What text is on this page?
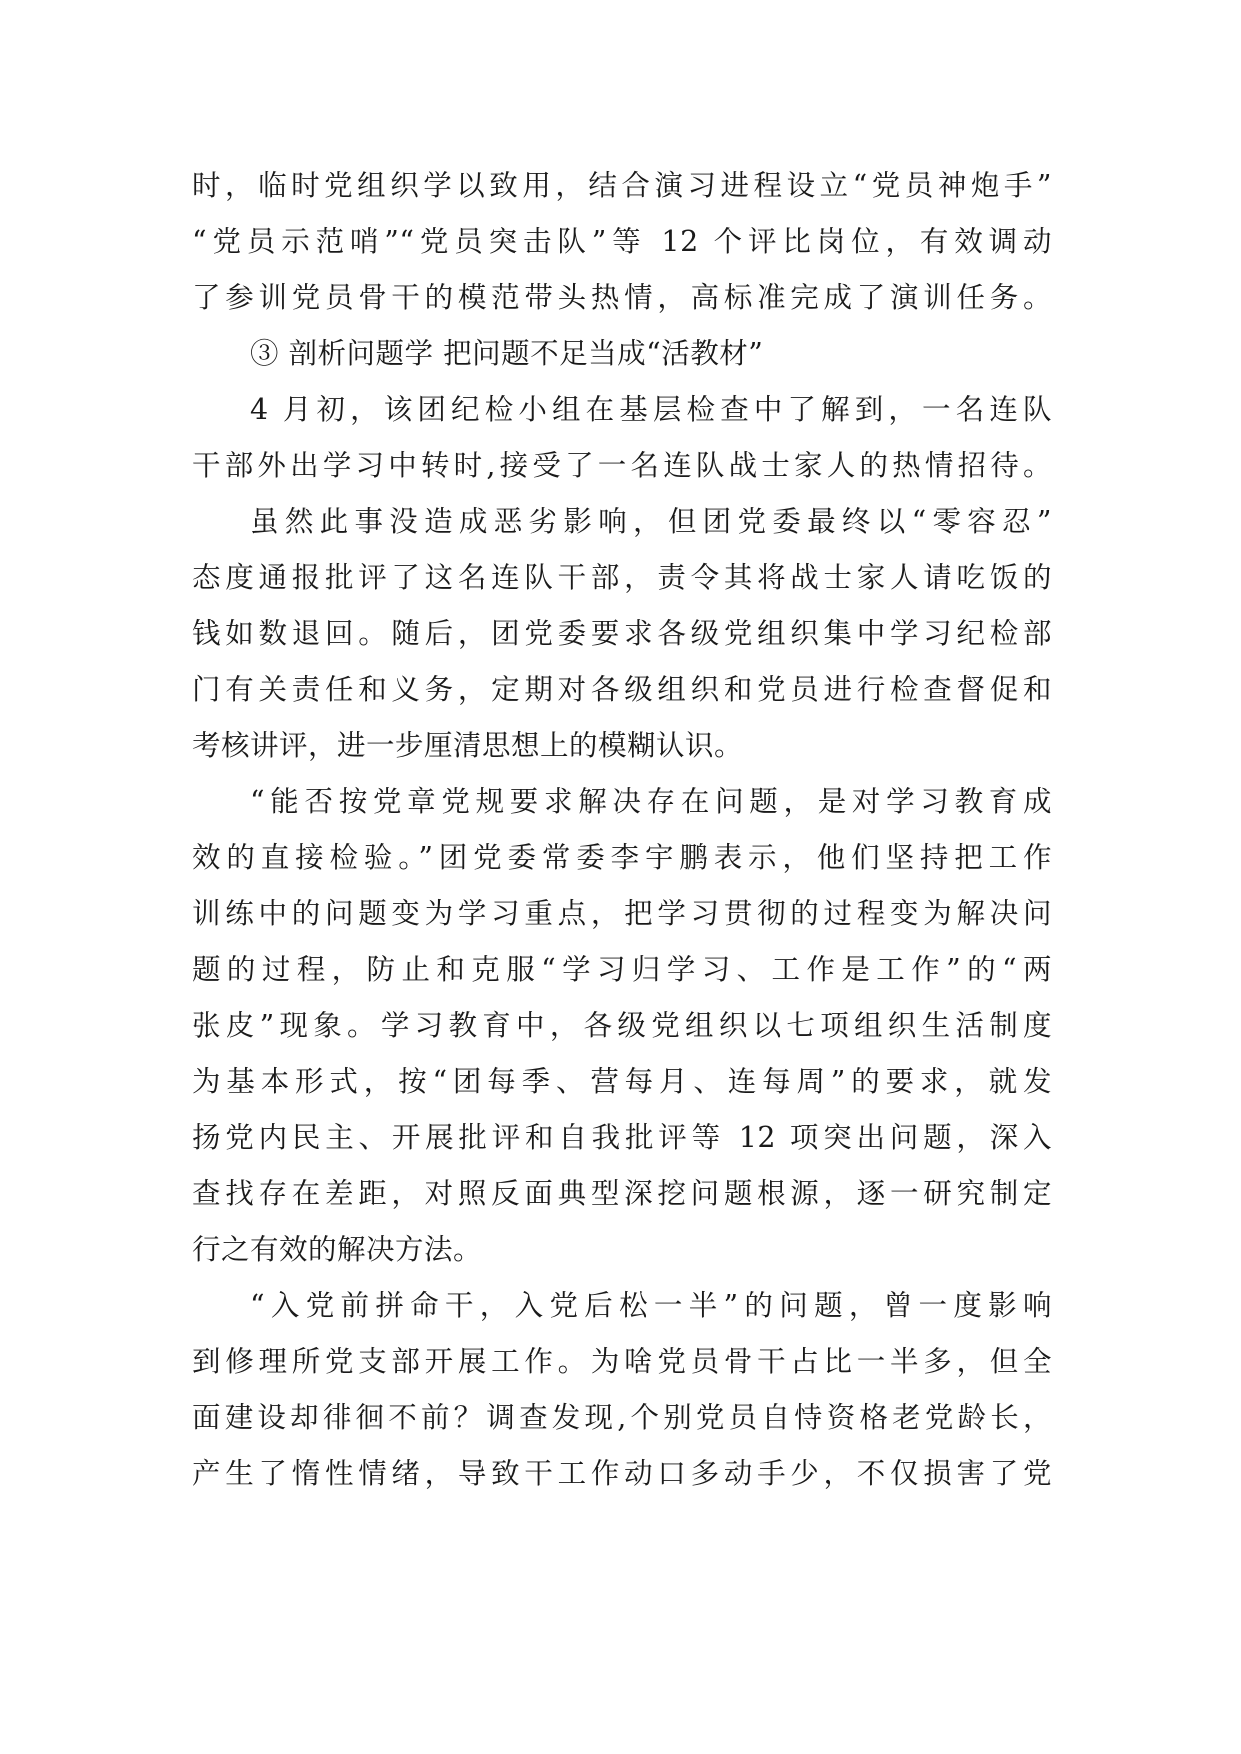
时，临时党组织学以致用，结合演习进程设立“党员神炮手”
“党员示范哨”“党员突击队”等 12 个评比岗位，有效调动
了参训党员骨干的模范带头热情，高标准完成了演训任务。
③ 剖析问题学 把问题不足当成“活教材”
4 月初，该团纪检小组在基层检查中了解到，一名连队
干部外出学习中转时,接受了一名连队战士家人的热情招待。
虽然此事没造成恶劣影响，但团党委最终以“零容忍”
态度通报批评了这名连队干部，责令其将战士家人请吃饭的
钱如数退回。随后，团党委要求各级党组织集中学习纪检部
门有关责任和义务，定期对各级组织和党员进行检查督促和
考核讲评，进一步厘清思想上的模糊认识。
“能否按党章党规要求解决存在问题，是对学习教育成
效的直接检验。”团党委常委李宇鹏表示，他们坚持把工作
训练中的问题变为学习重点，把学习贯彻的过程变为解决问
题的过程，防止和克服“学习归学习、工作是工作”的“两
张皮”现象。学习教育中，各级党组织以七项组织生活制度
为基本形式，按“团每季、营每月、连每周”的要求，就发
扬党内民主、开展批评和自我批评等 12 项突出问题，深入
查找存在差距，对照反面典型深挖问题根源，逐一研究制定
行之有效的解决方法。
“入党前拼命干，入党后松一半”的问题，曾一度影响
到修理所党支部开展工作。为啥党员骨干占比一半多，但全
面建设却徘徊不前？调查发现,个别党员自恃资格老党龄长，
产生了惰性情绪，导致干工作动口多动手少，不仅损害了党
